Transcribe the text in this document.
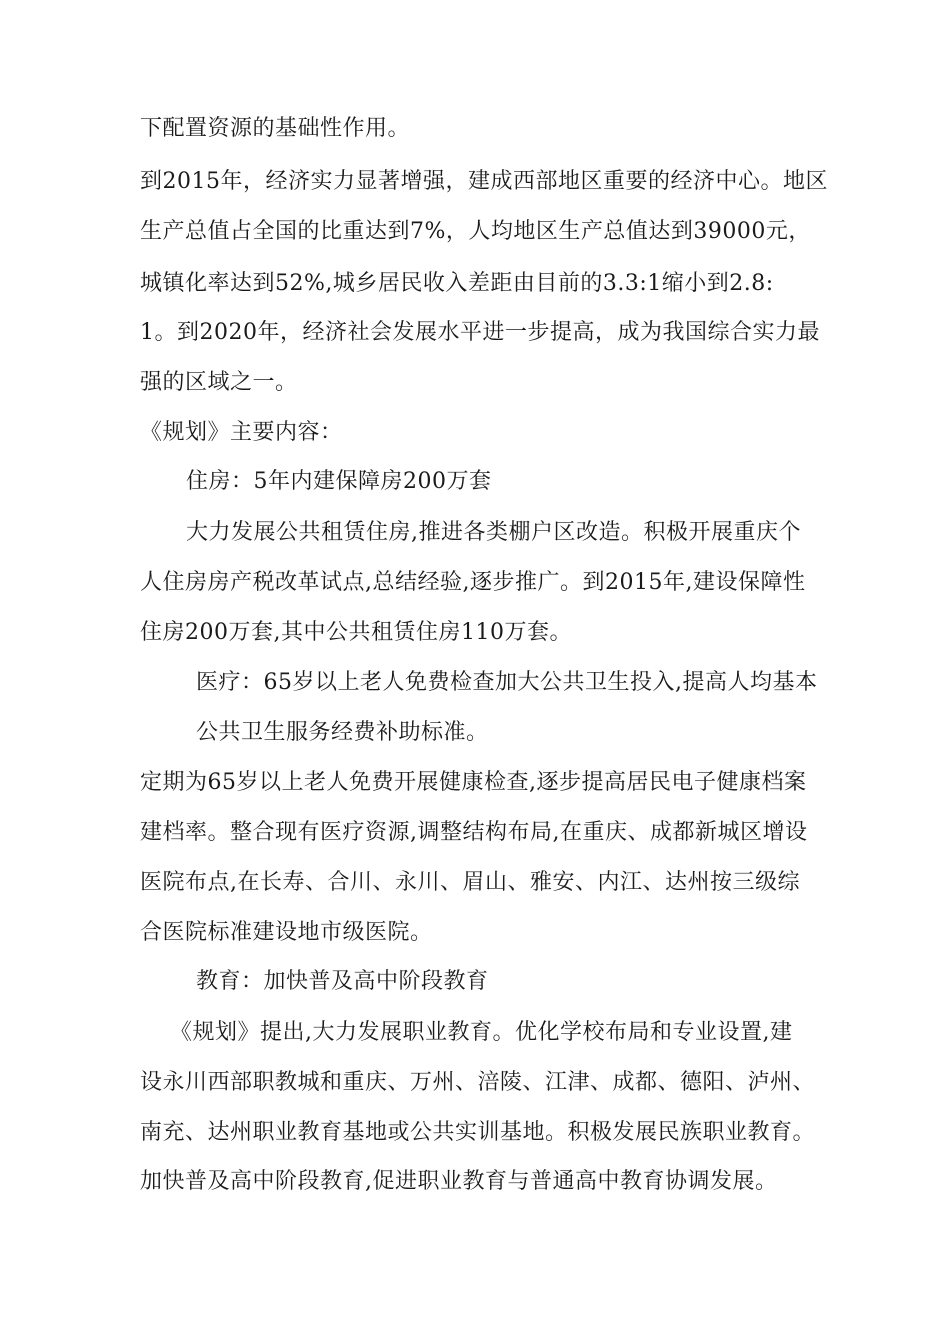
下配置资源的基础性作用。
到2015年，经济实力显著增强，建成西部地区重要的经济中心。地区
生产总值占全国的比重达到7%，人均地区生产总值达到39000元，
城镇化率达到52%,城乡居民收入差距由目前的3.3:1缩小到2.8:
1。到2020年，经济社会发展水平进一步提高，成为我国综合实力最
强的区域之一。
《规划》主要内容：
住房：5年内建保障房200万套
大力发展公共租赁住房,推进各类棚户区改造。积极开展重庆个
人住房房产税改革试点,总结经验,逐步推广。到2015年,建设保障性
住房200万套,其中公共租赁住房110万套。
医疗：65岁以上老人免费检查加大公共卫生投入,提高人均基本
公共卫生服务经费补助标准。
定期为65岁以上老人免费开展健康检查,逐步提高居民电子健康档案
建档率。整合现有医疗资源,调整结构布局,在重庆、成都新城区增设
医院布点,在长寿、合川、永川、眉山、雅安、内江、达州按三级综
合医院标准建设地市级医院。
教育：加快普及高中阶段教育
《规划》提出,大力发展职业教育。优化学校布局和专业设置,建
设永川西部职教城和重庆、万州、涪陵、江津、成都、德阳、泸州、
南充、达州职业教育基地或公共实训基地。积极发展民族职业教育。
加快普及高中阶段教育,促进职业教育与普通高中教育协调发展。
